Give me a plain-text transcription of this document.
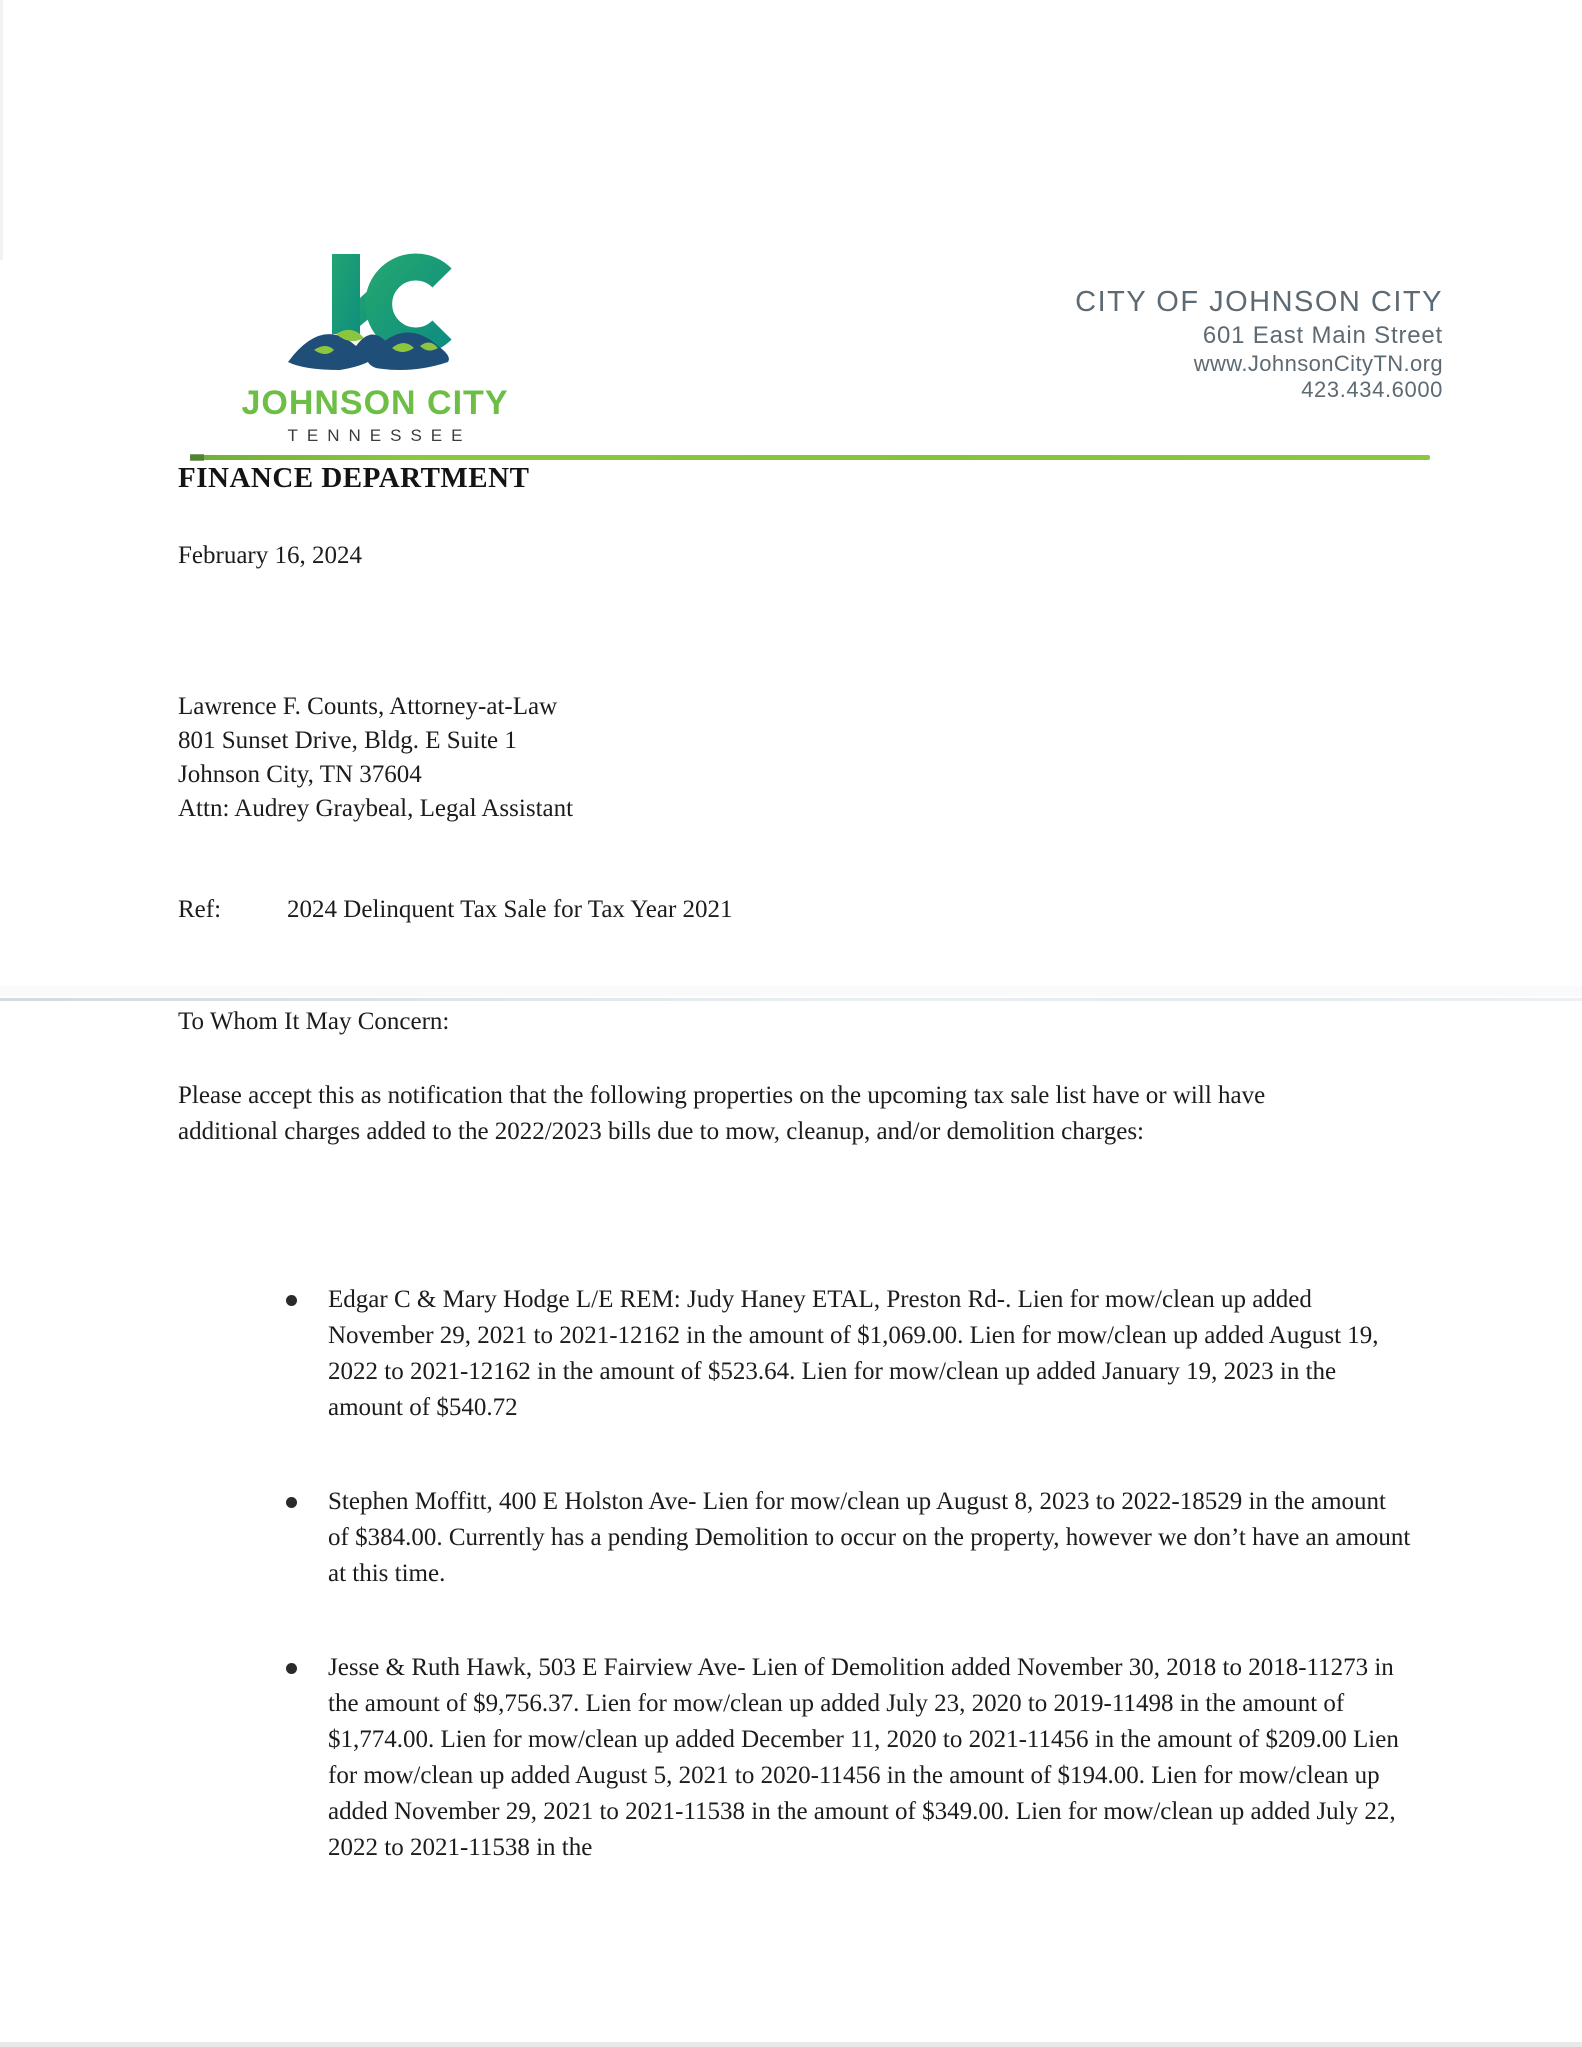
JOHNSON CITY
TENNESSEE
CITY OF JOHNSON CITY
601 East Main Street
www.JohnsonCityTN.org
423.434.6000
FINANCE DEPARTMENT
February 16, 2024
Lawrence F. Counts, Attorney-at-Law
801 Sunset Drive, Bldg. E Suite 1
Johnson City, TN 37604
Attn: Audrey Graybeal, Legal Assistant
Ref:	2024 Delinquent Tax Sale for Tax Year 2021
To Whom It May Concern:
Please accept this as notification that the following properties on the upcoming tax sale list have or will have additional charges added to the 2022/2023 bills due to mow, cleanup, and/or demolition charges:
Edgar C & Mary Hodge L/E REM: Judy Haney ETAL, Preston Rd-. Lien for mow/clean up added November 29, 2021 to 2021-12162 in the amount of $1,069.00. Lien for mow/clean up added August 19, 2022 to 2021-12162 in the amount of $523.64. Lien for mow/clean up added January 19, 2023 in the amount of $540.72
Stephen Moffitt, 400 E Holston Ave- Lien for mow/clean up August 8, 2023 to 2022-18529 in the amount of $384.00. Currently has a pending Demolition to occur on the property, however we don’t have an amount at this time.
Jesse & Ruth Hawk, 503 E Fairview Ave- Lien of Demolition added November 30, 2018 to 2018-11273 in the amount of $9,756.37. Lien for mow/clean up added July 23, 2020 to 2019-11498 in the amount of $1,774.00. Lien for mow/clean up added December 11, 2020 to 2021-11456 in the amount of $209.00 Lien for mow/clean up added August 5, 2021 to 2020-11456 in the amount of $194.00. Lien for mow/clean up added November 29, 2021 to 2021-11538 in the amount of $349.00. Lien for mow/clean up added July 22, 2022 to 2021-11538 in the
